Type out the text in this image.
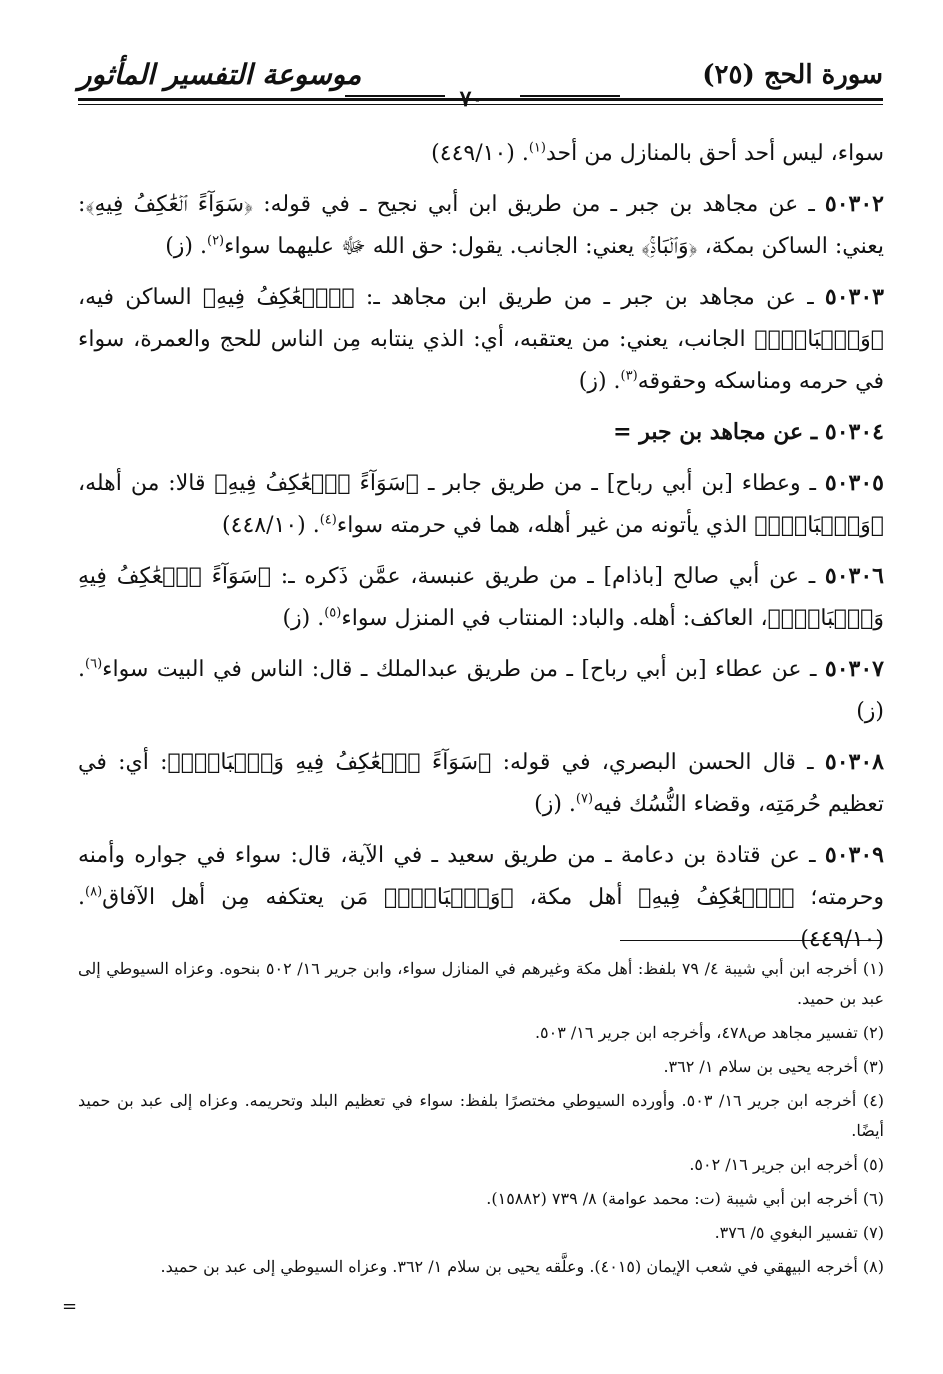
سورة الحج (٢٥)
موسوعة التفسير المأثور
٧٠

سواء، ليس أحد أحق بالمنازل من أحد$^{(١)}$. (٤٤٩/١٠)

٥٠٣٠٢ ـ عن مجاهد بن جبر ـ من طريق ابن أبي نجيح ـ في قوله: ﴿سَوَآءً ٱلۡعَٰكِفُ فِيهِ﴾: يعني: الساكن بمكة، ﴿وَٱلۡبَادِۚ﴾ يعني: الجانب. يقول: حق الله ﷻ عليهما سواء$^{(٢)}$. (ز)

٥٠٣٠٣ ـ عن مجاهد بن جبر ـ من طريق ابن مجاهد ـ: ﴿ٱلۡعَٰكِفُ فِيهِ﴾ الساكن فيه، ﴿وَٱلۡبَادِۚ﴾ الجانب، يعني: من يعتقبه، أي: الذي ينتابه مِن الناس للحج والعمرة، سواء في حرمه ومناسكه وحقوقه$^{(٣)}$. (ز)

٥٠٣٠٤ ـ عن مجاهد بن جبر =

٥٠٣٠٥ ـ وعطاء [بن أبي رباح] ـ من طريق جابر ـ ﴿سَوَآءً ٱلۡعَٰكِفُ فِيهِ﴾ قالا: من أهله، ﴿وَٱلۡبَادِۚ﴾ الذي يأتونه من غير أهله، هما في حرمته سواء$^{(٤)}$. (٤٤٨/١٠)

٥٠٣٠٦ ـ عن أبي صالح [باذام] ـ من طريق عنبسة، عمَّن ذَكره ـ: ﴿سَوَآءً ٱلۡعَٰكِفُ فِيهِ وَٱلۡبَادِۚ﴾، العاكف: أهله. والباد: المنتاب في المنزل سواء$^{(٥)}$. (ز)

٥٠٣٠٧ ـ عن عطاء [بن أبي رباح] ـ من طريق عبدالملك ـ قال: الناس في البيت سواء$^{(٦)}$. (ز)

٥٠٣٠٨ ـ قال الحسن البصري، في قوله: ﴿سَوَآءً ٱلۡعَٰكِفُ فِيهِ وَٱلۡبَادِۚ﴾: أي: في تعظيم حُرمَتِه، وقضاء النُّسُك فيه$^{(٧)}$. (ز)

٥٠٣٠٩ ـ عن قتادة بن دعامة ـ من طريق سعيد ـ في الآية، قال: سواء في جواره وأمنه وحرمته؛ ﴿ٱلۡعَٰكِفُ فِيهِ﴾ أهل مكة، ﴿وَٱلۡبَادِۚ﴾ مَن يعتكفه مِن أهل الآفاق$^{(٨)}$. (٤٤٩/١٠)

(١) أخرجه ابن أبي شيبة ٤/ ٧٩ بلفظ: أهل مكة وغيرهم في المنازل سواء، وابن جرير ١٦/ ٥٠٢ بنحوه. وعزاه السيوطي إلى عبد بن حميد.

(٢) تفسير مجاهد ص٤٧٨، وأخرجه ابن جرير ١٦/ ٥٠٣.

(٣) أخرجه يحيى بن سلام ١/ ٣٦٢.

(٤) أخرجه ابن جرير ١٦/ ٥٠٣. وأورده السيوطي مختصرًا بلفظ: سواء في تعظيم البلد وتحريمه. وعزاه إلى عبد بن حميد أيضًا.

(٥) أخرجه ابن جرير ١٦/ ٥٠٢.

(٦) أخرجه ابن أبي شيبة (ت: محمد عوامة) ٨/ ٧٣٩ (١٥٨٨٢).

(٧) تفسير البغوي ٥/ ٣٧٦.

(٨) أخرجه البيهقي في شعب الإيمان (٤٠١٥). وعلَّقه يحيى بن سلام ١/ ٣٦٢. وعزاه السيوطي إلى عبد بن حميد.

=
